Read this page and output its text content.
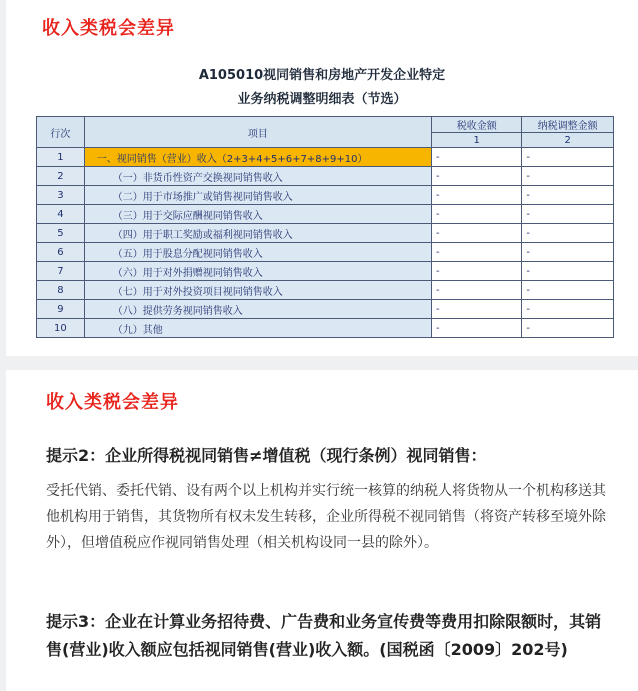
收入类税会差异
A105010视同销售和房地产开发企业特定
业务纳税调整明细表（节选）
行次	项目	税收金额	纳税调整金额
		1	2
1	一、视同销售（营业）收入（2+3+4+5+6+7+8+9+10）	-	-
2	（一）非货币性资产交换视同销售收入	-	-
3	（二）用于市场推广或销售视同销售收入	-	-
4	（三）用于交际应酬视同销售收入	-	-
5	（四）用于职工奖励或福利视同销售收入	-	-
6	（五）用于股息分配视同销售收入	-	-
7	（六）用于对外捐赠视同销售收入	-	-
8	（七）用于对外投资项目视同销售收入	-	-
9	（八）提供劳务视同销售收入	-	-
10	（九）其他	-	-
收入类税会差异
提示2：企业所得税视同销售≠增值税（现行条例）视同销售：
受托代销、委托代销、设有两个以上机构并实行统一核算的纳税人将货物从一个机构移送其他机构用于销售，其货物所有权未发生转移，企业所得税不视同销售（将资产转移至境外除外），但增值税应作视同销售处理（相关机构设同一县的除外）。
提示3：企业在计算业务招待费、广告费和业务宣传费等费用扣除限额时，其销售(营业)收入额应包括视同销售(营业)收入额。(国税函〔2009〕202号)
